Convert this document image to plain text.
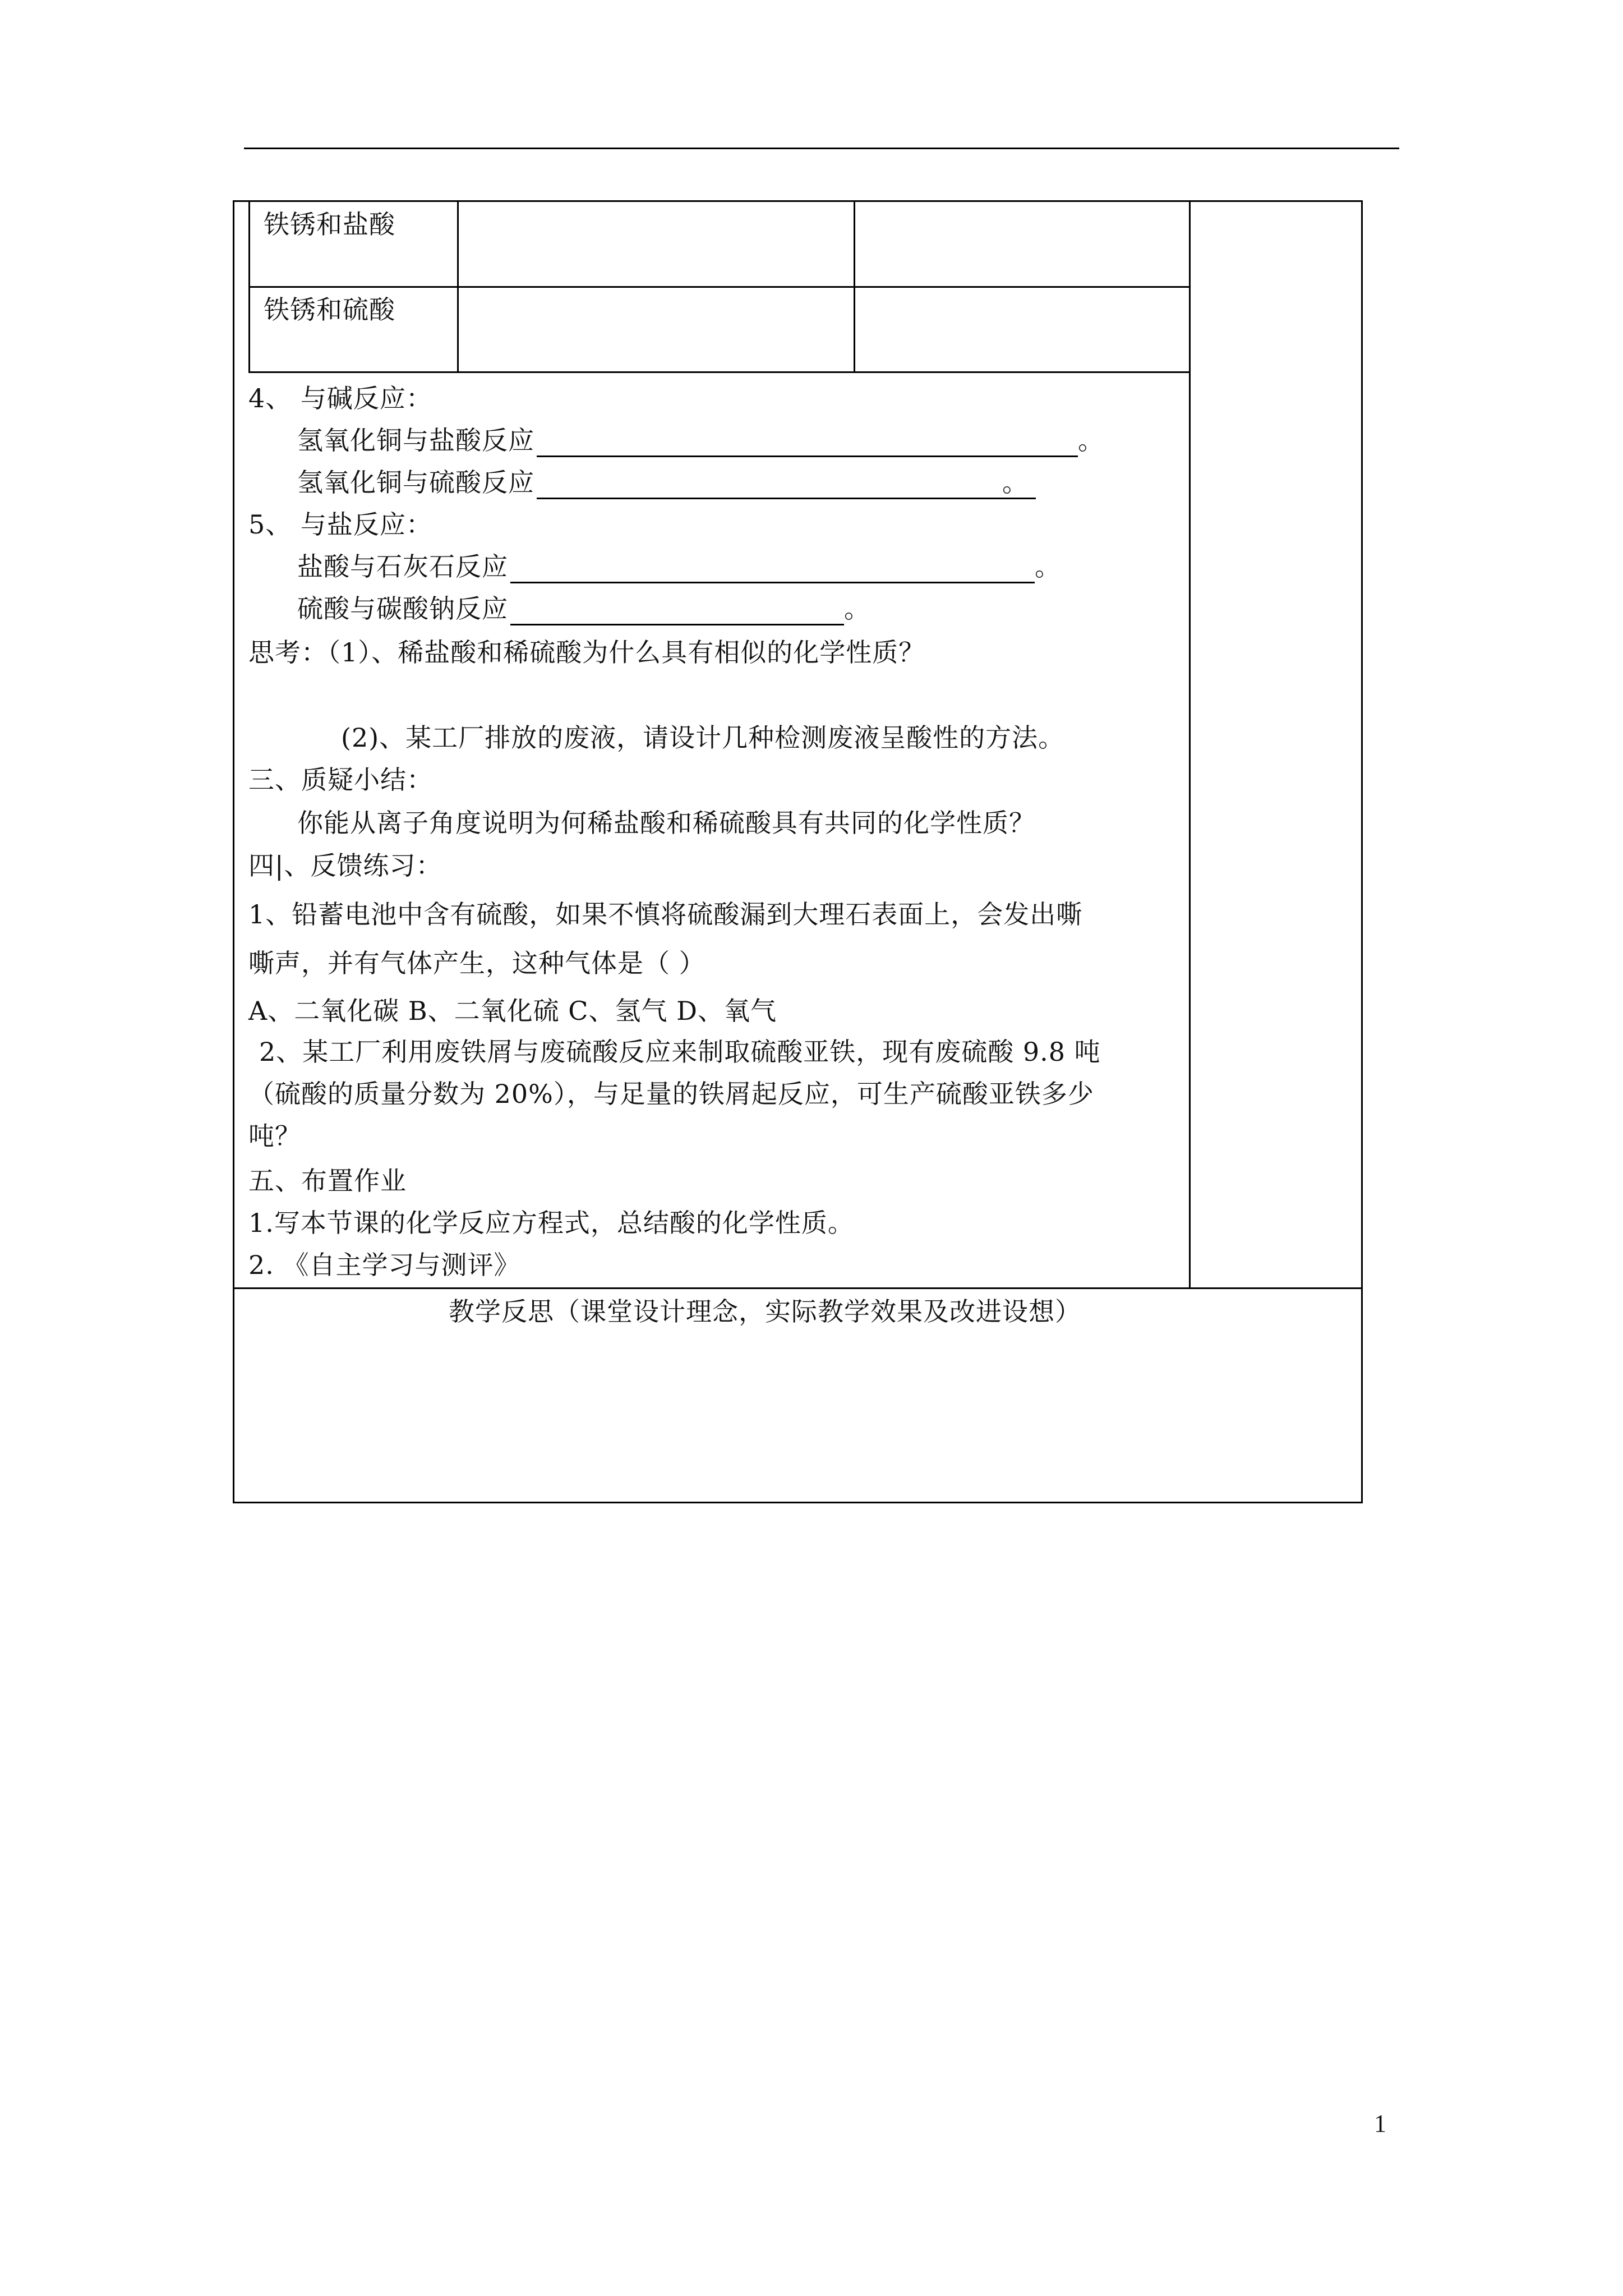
铁锈和盐酸
铁锈和硫酸
4、 与碱反应：
氢氧化铜与盐酸反应	。
氢氧化铜与硫酸反应	。
5、 与盐反应：
盐酸与石灰石反应	。
硫酸与碳酸钠反应	。
思考：（1）、稀盐酸和稀硫酸为什么具有相似的化学性质？
(2)、某工厂排放的废液，请设计几种检测废液呈酸性的方法。
三、质疑小结：
你能从离子角度说明为何稀盐酸和稀硫酸具有共同的化学性质？
四|、反馈练习：
1、铅蓄电池中含有硫酸，如果不慎将硫酸漏到大理石表面上，会发出嘶
嘶声，并有气体产生，这种气体是（ ）
A、二氧化碳 B、二氧化硫 C、氢气 D、氧气
2、某工厂利用废铁屑与废硫酸反应来制取硫酸亚铁，现有废硫酸 9.8 吨
（硫酸的质量分数为 20%），与足量的铁屑起反应，可生产硫酸亚铁多少
吨？
五、布置作业
1.写本节课的化学反应方程式，总结酸的化学性质。
2. 《自主学习与测评》
教学反思（课堂设计理念，实际教学效果及改进设想）
1
